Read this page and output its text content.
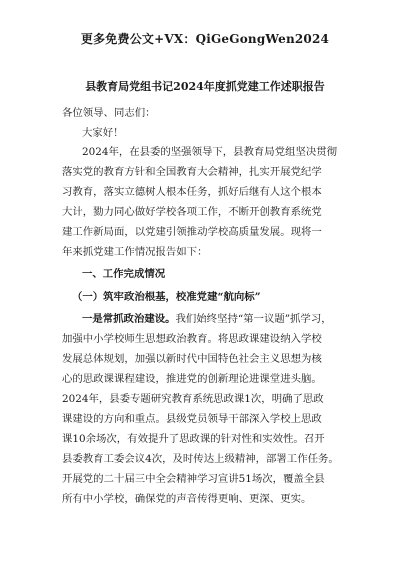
更多免费公文+VX：QiGeGongWen2024
县教育局党组书记2024年度抓党建工作述职报告
各位领导、同志们：
大家好！
2024年，在县委的坚强领导下，县教育局党组坚决贯彻
落实党的教育方针和全国教育大会精神，扎实开展党纪学
习教育，落实立德树人根本任务，抓好后继有人这个根本
大计，勠力同心做好学校各项工作，不断开创教育系统党
建工作新局面，以党建引领推动学校高质量发展。现将一
年来抓党建工作情况报告如下：
一、工作完成情况
（一）筑牢政治根基，校准党建“航向标”
一是常抓政治建设。我们始终坚持“第一议题”抓学习，
加强中小学校师生思想政治教育。将思政课建设纳入学校
发展总体规划，加强以新时代中国特色社会主义思想为核
心的思政课课程建设，推进党的创新理论进课堂进头脑。
2024年，县委专题研究教育系统思政课1次，明确了思政
课建设的方向和重点。县级党员领导干部深入学校上思政
课10余场次，有效提升了思政课的针对性和实效性。召开
县委教育工委会议4次，及时传达上级精神，部署工作任务。
开展党的二十届三中全会精神学习宣讲51场次，覆盖全县
所有中小学校，确保党的声音传得更响、更深、更实。
